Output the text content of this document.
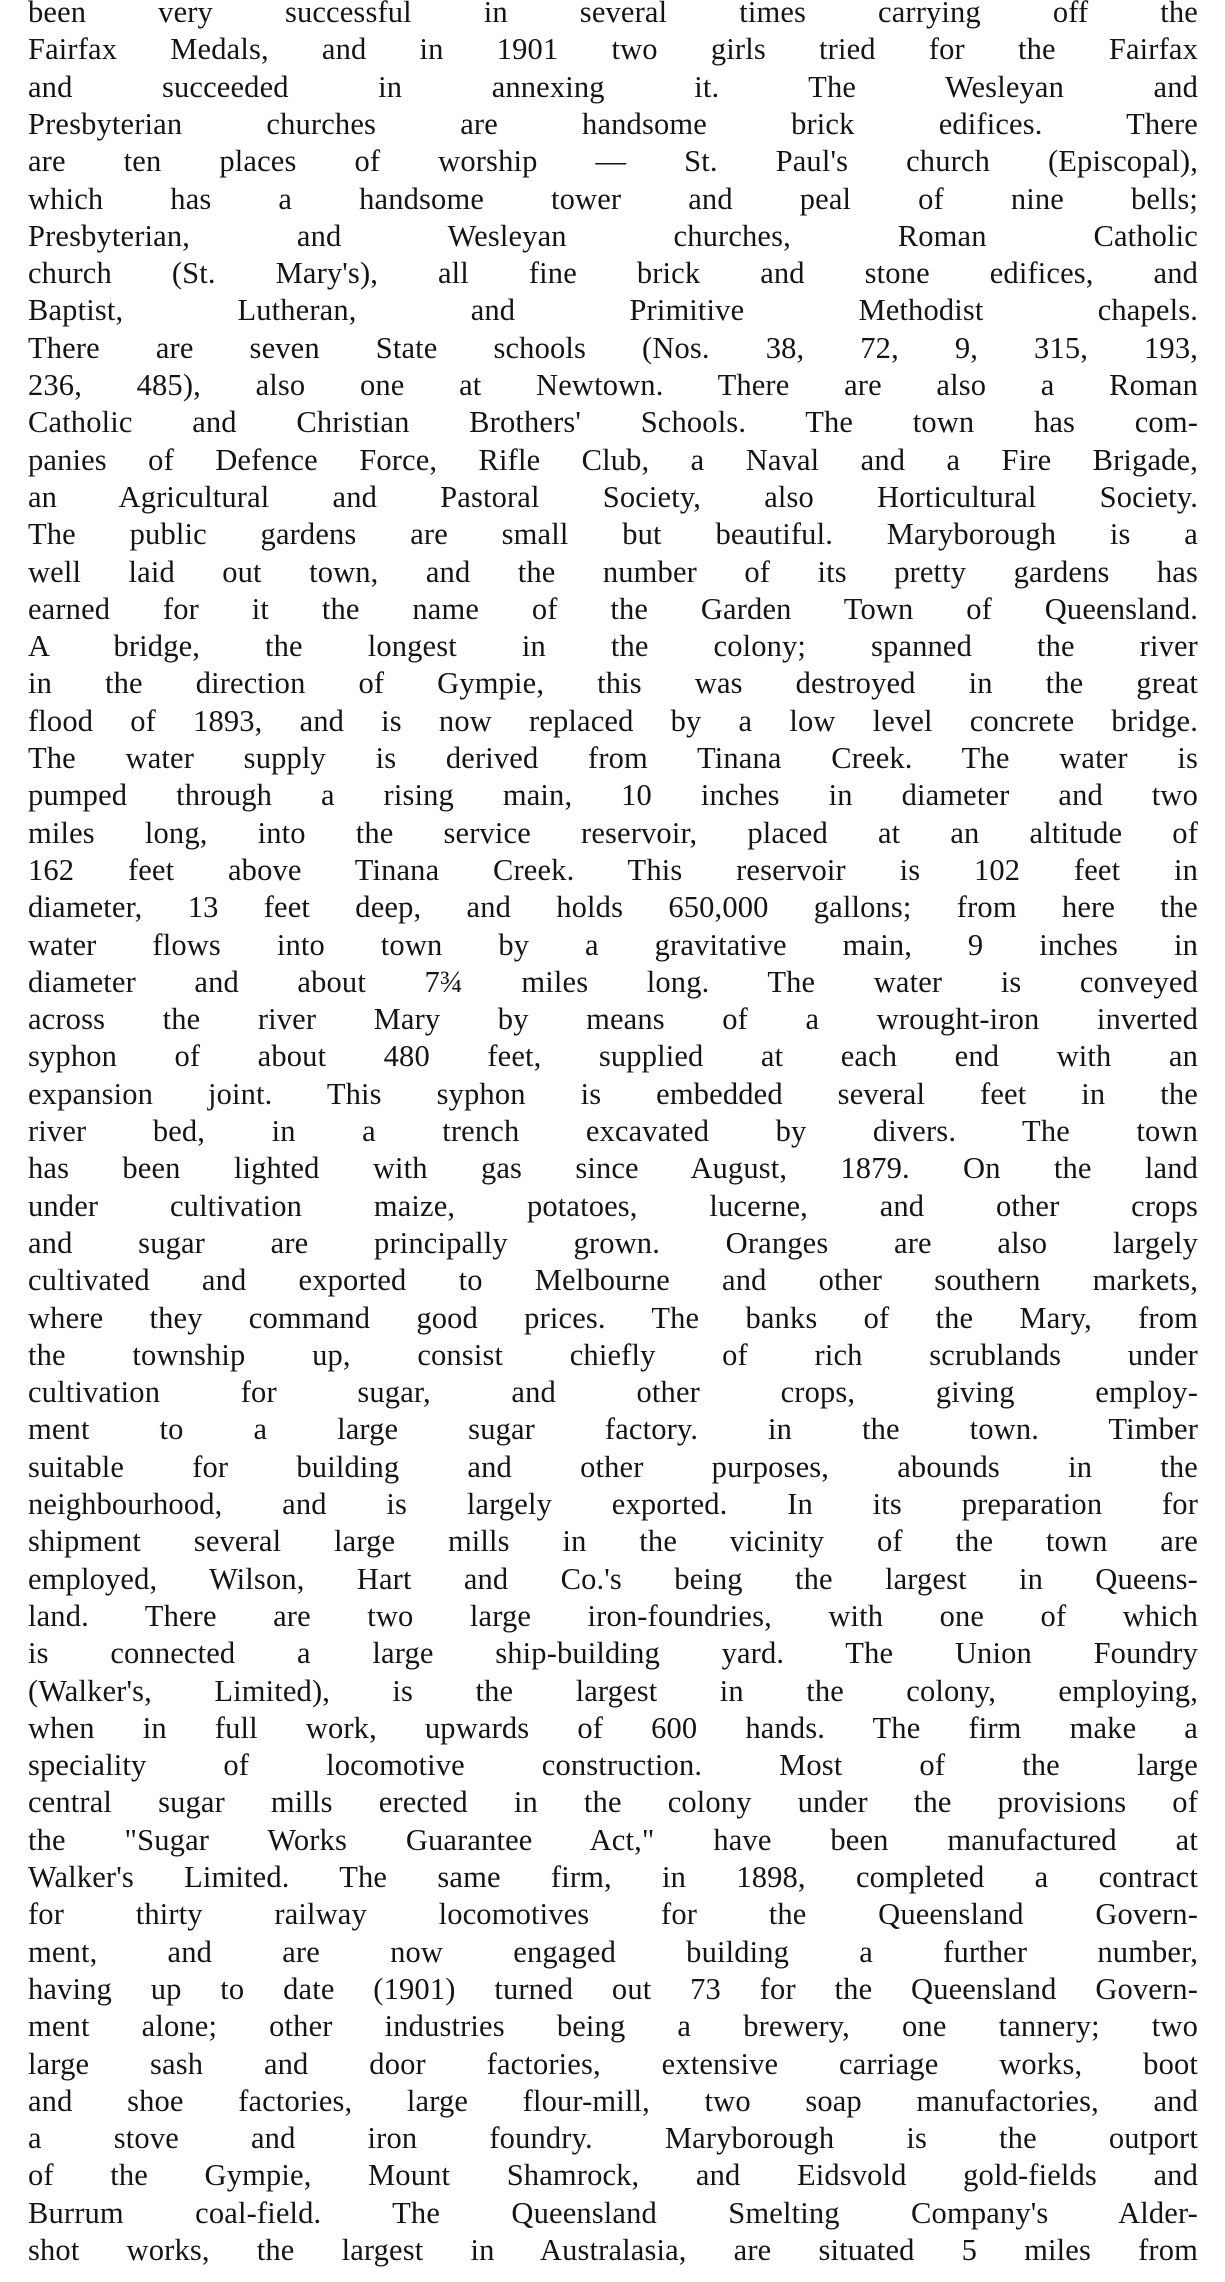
been very successful in several times carrying off the
Fairfax Medals, and in 1901 two girls tried for the Fairfax
and succeeded in annexing it. The Wesleyan and
Presbyterian churches are handsome brick edifices. There
are ten places of worship — St. Paul's church (Episcopal),
which has a handsome tower and peal of nine bells;
Presbyterian, and Wesleyan churches, Roman Catholic
church (St. Mary's), all fine brick and stone edifices, and
Baptist, Lutheran, and Primitive Methodist chapels.
There are seven State schools (Nos. 38, 72, 9, 315, 193,
236, 485), also one at Newtown. There are also a Roman
Catholic and Christian Brothers' Schools. The town has com-
panies of Defence Force, Rifle Club, a Naval and a Fire Brigade,
an Agricultural and Pastoral Society, also Horticultural Society.
The public gardens are small but beautiful. Maryborough is a
well laid out town, and the number of its pretty gardens has
earned for it the name of the Garden Town of Queensland.
A bridge, the longest in the colony; spanned the river
in the direction of Gympie, this was destroyed in the great
flood of 1893, and is now replaced by a low level concrete bridge.
The water supply is derived from Tinana Creek. The water is
pumped through a rising main, 10 inches in diameter and two
miles long, into the service reservoir, placed at an altitude of
162 feet above Tinana Creek. This reservoir is 102 feet in
diameter, 13 feet deep, and holds 650,000 gallons; from here the
water flows into town by a gravitative main, 9 inches in
diameter and about 7¾ miles long. The water is conveyed
across the river Mary by means of a wrought-iron inverted
syphon of about 480 feet, supplied at each end with an
expansion joint. This syphon is embedded several feet in the
river bed, in a trench excavated by divers. The town
has been lighted with gas since August, 1879. On the land
under cultivation maize, potatoes, lucerne, and other crops
and sugar are principally grown. Oranges are also largely
cultivated and exported to Melbourne and other southern markets,
where they command good prices. The banks of the Mary, from
the township up, consist chiefly of rich scrublands under
cultivation for sugar, and other crops, giving employ-
ment to a large sugar factory. in the town. Timber
suitable for building and other purposes, abounds in the
neighbourhood, and is largely exported. In its preparation for
shipment several large mills in the vicinity of the town are
employed, Wilson, Hart and Co.'s being the largest in Queens-
land. There are two large iron-foundries, with one of which
is connected a large ship-building yard. The Union Foundry
(Walker's, Limited), is the largest in the colony, employing,
when in full work, upwards of 600 hands. The firm make a
speciality of locomotive construction. Most of the large
central sugar mills erected in the colony under the provisions of
the "Sugar Works Guarantee Act," have been manufactured at
Walker's Limited. The same firm, in 1898, completed a contract
for thirty railway locomotives for the Queensland Govern-
ment, and are now engaged building a further number,
having up to date (1901) turned out 73 for the Queensland Govern-
ment alone; other industries being a brewery, one tannery; two
large sash and door factories, extensive carriage works, boot
and shoe factories, large flour-mill, two soap manufactories, and
a stove and iron foundry. Maryborough is the outport
of the Gympie, Mount Shamrock, and Eidsvold gold-fields and
Burrum coal-field. The Queensland Smelting Company's Alder-
shot works, the largest in Australasia, are situated 5 miles from
